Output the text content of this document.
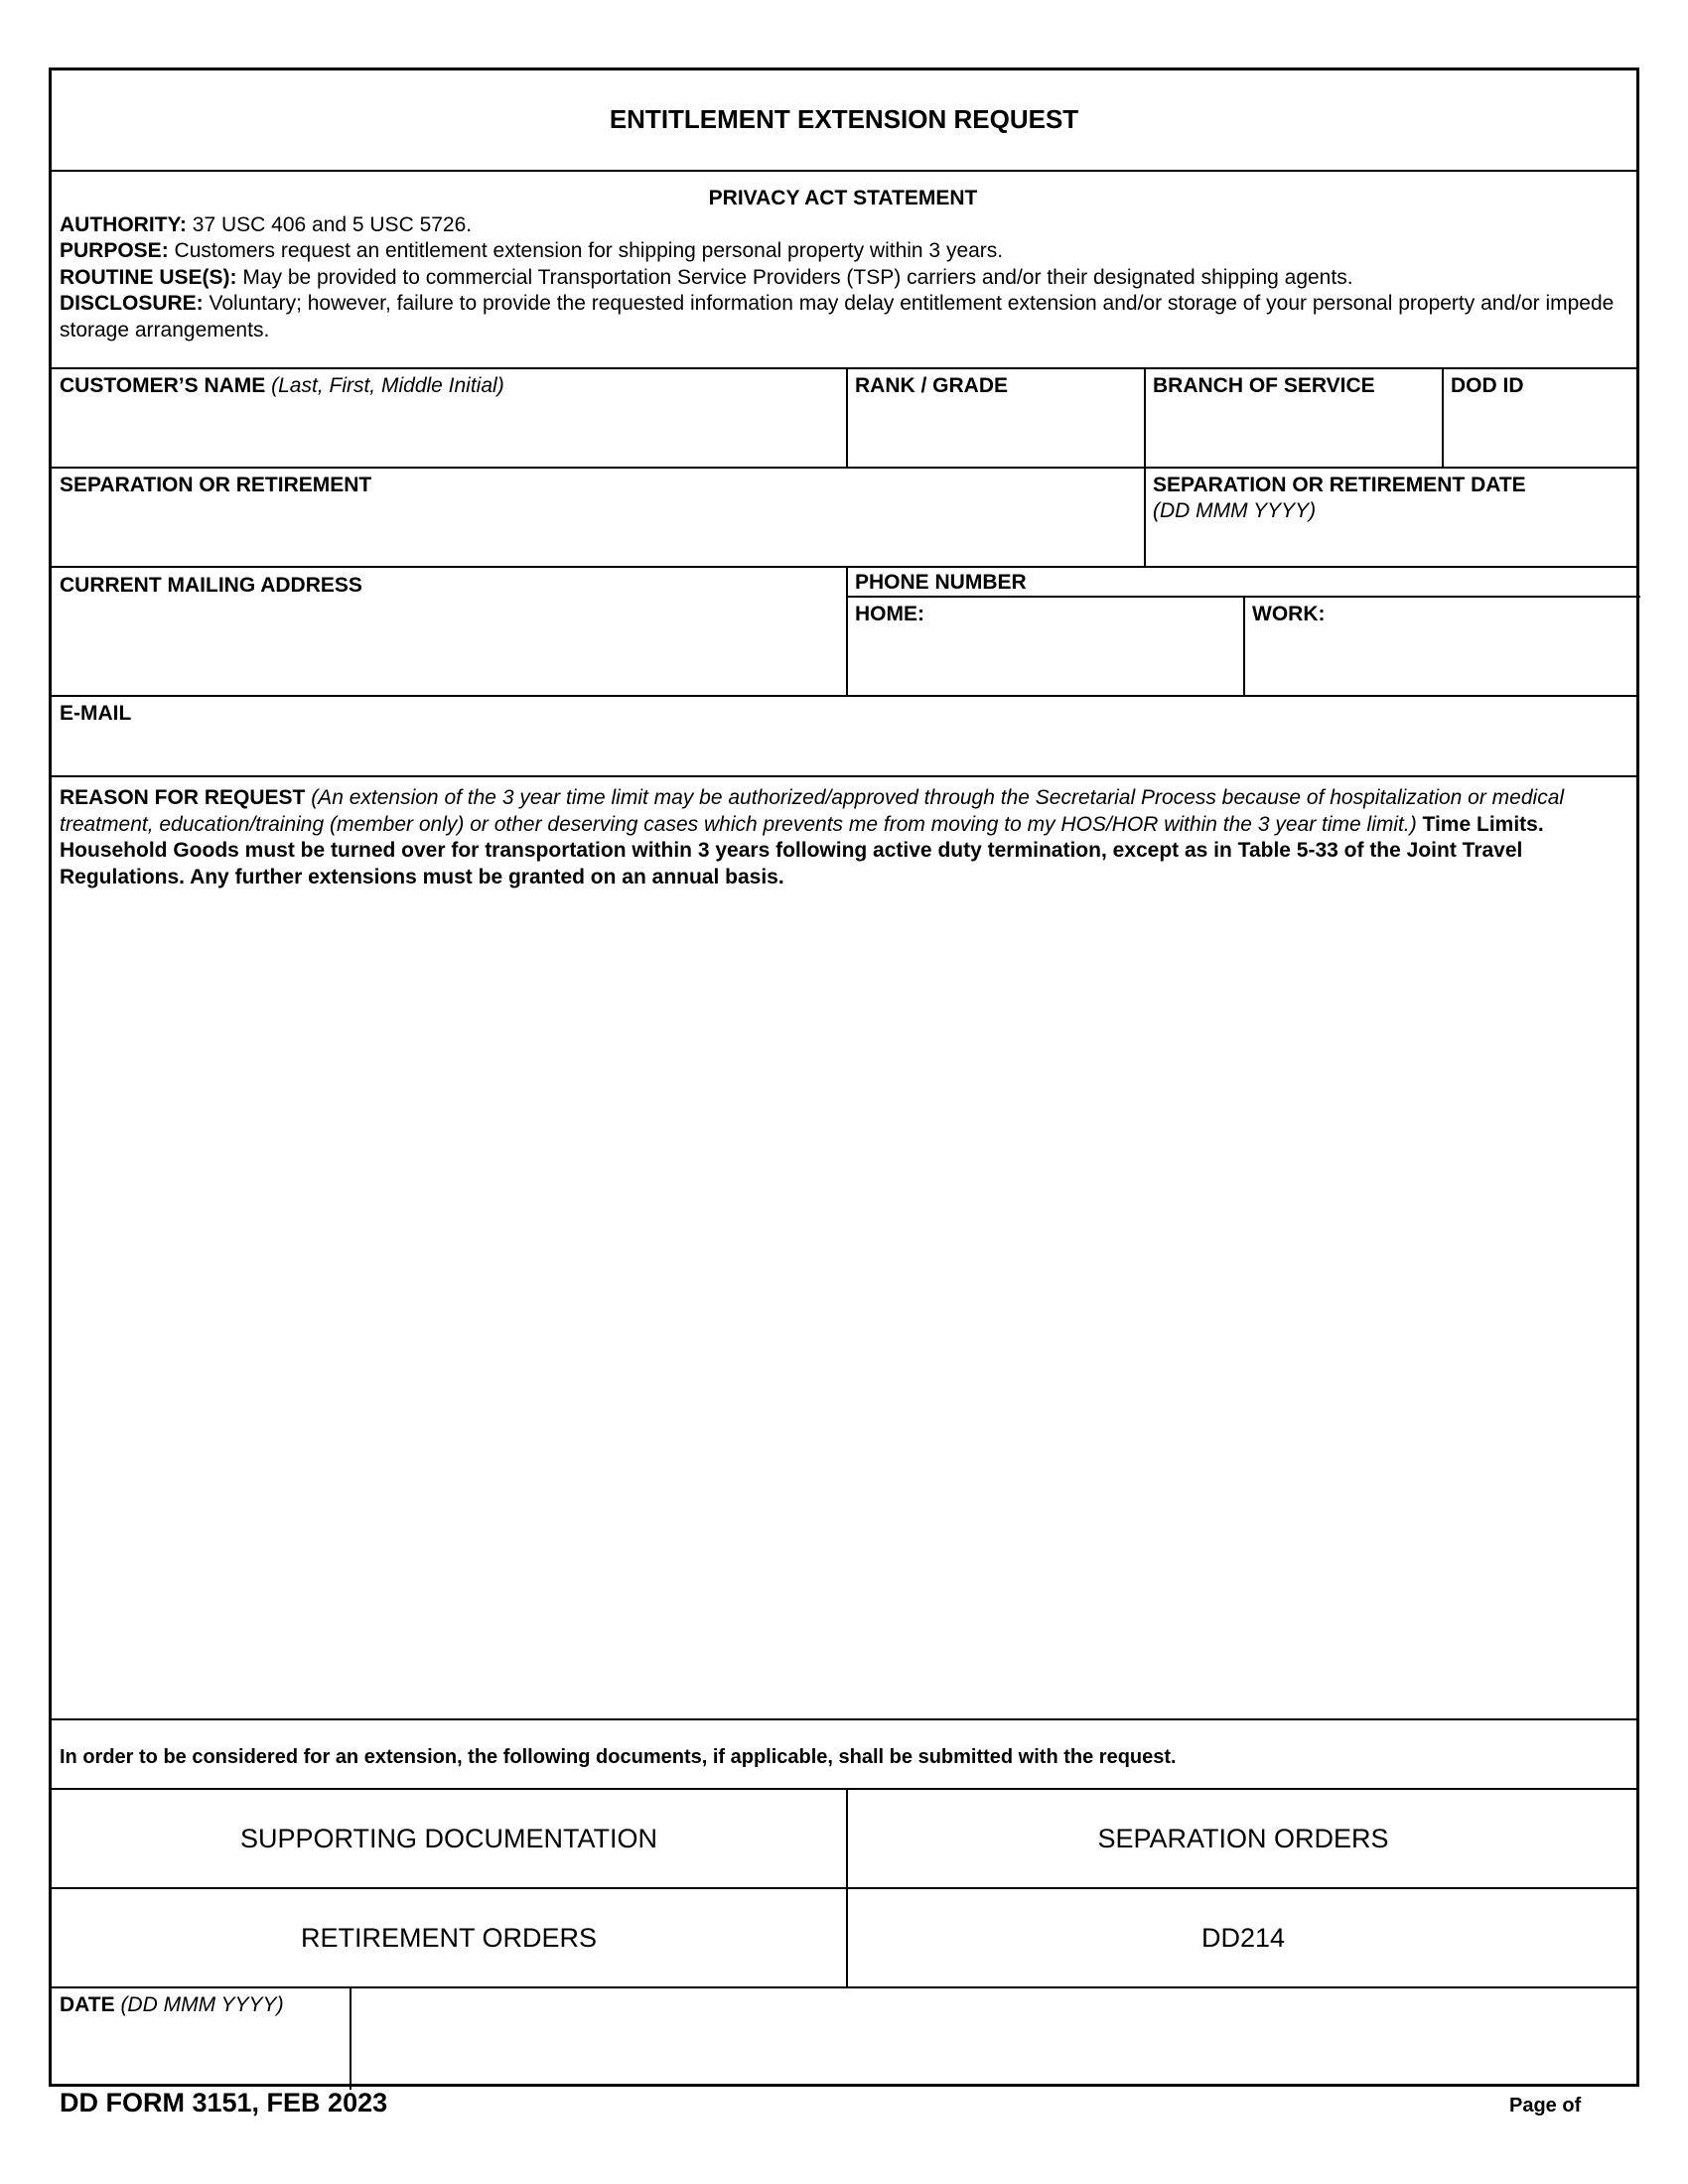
ENTITLEMENT EXTENSION REQUEST
PRIVACY ACT STATEMENT
AUTHORITY: 37 USC 406 and 5 USC 5726.
PURPOSE: Customers request an entitlement extension for shipping personal property within 3 years.
ROUTINE USE(S): May be provided to commercial Transportation Service Providers (TSP) carriers and/or their designated shipping agents.
DISCLOSURE: Voluntary; however, failure to provide the requested information may delay entitlement extension and/or storage of your personal property and/or impede storage arrangements.
CUSTOMER’S NAME (Last, First, Middle Initial)	RANK / GRADE	BRANCH OF SERVICE	DOD ID
SEPARATION OR RETIREMENT	SEPARATION OR RETIREMENT DATE
(DD MMM YYYY)
CURRENT MAILING ADDRESS	PHONE NUMBER
HOME:	WORK:
E-MAIL
REASON FOR REQUEST (An extension of the 3 year time limit may be authorized/approved through the Secretarial Process because of hospitalization or medical treatment, education/training (member only) or other deserving cases which prevents me from moving to my HOS/HOR within the 3 year time limit.) Time Limits. Household Goods must be turned over for transportation within 3 years following active duty termination, except as in Table 5-33 of the Joint Travel Regulations. Any further extensions must be granted on an annual basis.
In order to be considered for an extension, the following documents, if applicable, shall be submitted with the request.
SUPPORTING DOCUMENTATION	SEPARATION ORDERS
RETIREMENT ORDERS	DD214
DATE (DD MMM YYYY)
DD FORM 3151, FEB 2023	Page of
